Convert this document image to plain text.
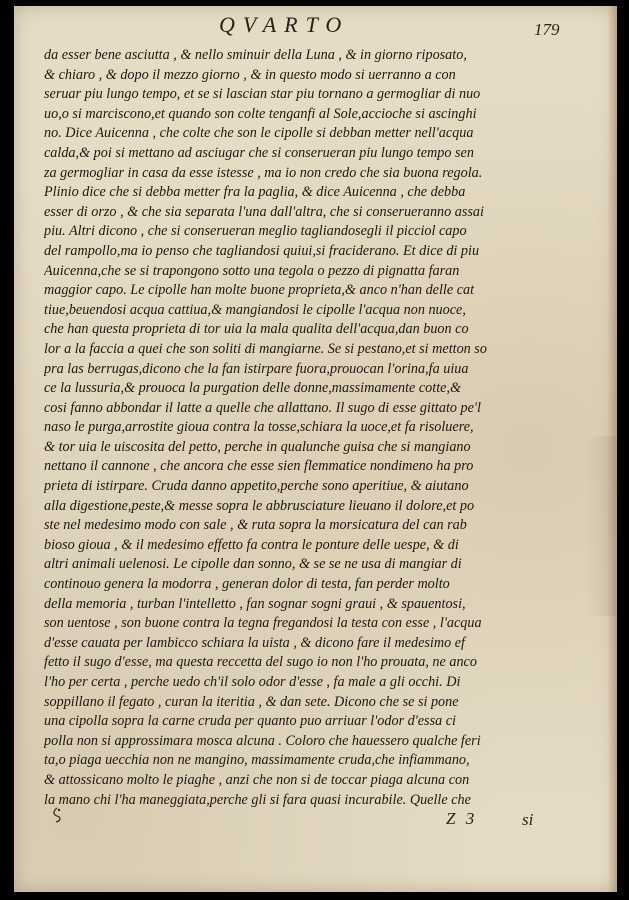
QVARTO	179
da esser bene asciutta , & nello sminuir della Luna , & in giorno riposato,
& chiaro , & dopo il mezzo giorno , & in questo modo si uerranno a con
seruar piu lungo tempo, et se si lascian star piu tornano a germogliar di nuo
uo,o si marciscono,et quando son colte tenganfi al Sole,accioche si ascinghi
no. Dice Auicenna , che colte che son le cipolle si debban metter nell'acqua
calda,& poi si mettano ad asciugar che si conserueran piu lungo tempo sen
za germogliar in casa da esse istesse , ma io non credo che sia buona regola.
Plinio dice che si debba metter fra la paglia, & dice Auicenna , che debba
esser di orzo , & che sia separata l'una dall'altra, che si conserueranno assai
piu. Altri dicono , che si conserueran meglio tagliandosegli il picciol capo
del rampollo,ma io penso che tagliandosi quiui,si fraciderano. Et dice di piu
Auicenna,che se si trapongono sotto una tegola o pezzo di pignatta faran
maggior capo. Le cipolle han molte buone proprieta,& anco n'han delle cat
tiue,beuendosi acqua cattiua,& mangiandosi le cipolle l'acqua non nuoce,
che han questa proprieta di tor uia la mala qualita dell'acqua,dan buon co
lor a la faccia a quei che son soliti di mangiarne. Se si pestano,et si metton so
pra las berrugas,dicono che la fan istirpare fuora,prouocan l'orina,fa uiua
ce la lussuria,& prouoca la purgation delle donne,massimamente cotte,&
cosi fanno abbondar il latte a quelle che allattano. Il sugo di esse gittato pe'l
naso le purga,arrostite gioua contra la tosse,schiara la uoce,et fa risoluere,
& tor uia le uiscosita del petto, perche in qualunche guisa che si mangiano
nettano il cannone , che ancora che esse sien flemmatice nondimeno ha pro
prieta di istirpare. Cruda danno appetito,perche sono aperitiue, & aiutano
alla digestione,peste,& messe sopra le abbrusciature lieuano il dolore,et po
ste nel medesimo modo con sale , & ruta sopra la morsicatura del can rab
bioso gioua , & il medesimo effetto fa contra le ponture delle uespe, & di
altri animali uelenosi. Le cipolle dan sonno, & se se ne usa di mangiar di
continouo genera la modorra , generan dolor di testa, fan perder molto
della memoria , turban l'intelletto , fan sognar sogni graui , & spauentosi,
son uentose , son buone contra la tegna fregandosi la testa con esse , l'acqua
d'esse cauata per lambicco schiara la uista , & dicono fare il medesimo ef
fetto il sugo d'esse, ma questa reccetta del sugo io non l'ho prouata, ne anco
l'ho per certa , perche uedo ch'il solo odor d'esse , fa male a gli occhi. Di
soppillano il fegato , curan la iteritia , & dan sete. Dicono che se si pone
una cipolla sopra la carne cruda per quanto puo arriuar l'odor d'essa ci
polla non si approssimara mosca alcuna . Coloro che hauessero qualche feri
ta,o piaga uecchia non ne mangino, massimamente cruda,che infiammano,
& attossicano molto le piaghe , anzi che non si de toccar piaga alcuna con
la mano chi l'ha maneggiata,perche gli si fara quasi incurabile. Quelle che
Z 3	si
